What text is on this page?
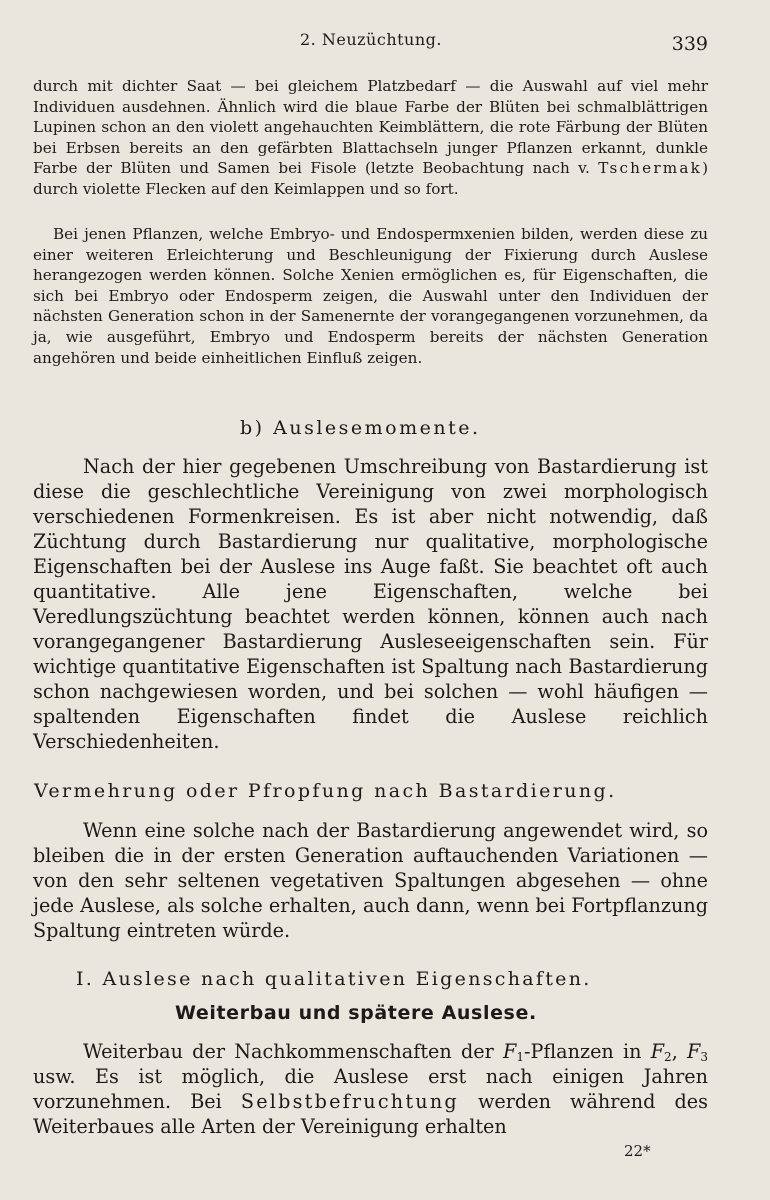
2. Neuzüchtung.	339

durch mit dichter Saat — bei gleichem Platzbedarf — die Auswahl auf viel mehr Individuen ausdehnen. Ähnlich wird die blaue Farbe der Blüten bei schmalblättrigen Lupinen schon an den violett angehauchten Keimblättern, die rote Färbung der Blüten bei Erbsen bereits an den gefärbten Blattachseln junger Pflanzen erkannt, dunkle Farbe der Blüten und Samen bei Fisole (letzte Beobachtung nach v. Tschermak) durch violette Flecken auf den Keimlappen und so fort.

Bei jenen Pflanzen, welche Embryo- und Endospermxenien bilden, werden diese zu einer weiteren Erleichterung und Beschleunigung der Fixierung durch Auslese herangezogen werden können. Solche Xenien ermöglichen es, für Eigenschaften, die sich bei Embryo oder Endosperm zeigen, die Auswahl unter den Individuen der nächsten Generation schon in der Samenernte der vorangegangenen vorzunehmen, da ja, wie ausgeführt, Embryo und Endosperm bereits der nächsten Generation angehören und beide einheitlichen Einfluß zeigen.

b) Auslesemomente.

Nach der hier gegebenen Umschreibung von Bastardierung ist diese die geschlechtliche Vereinigung von zwei morphologisch verschiedenen Formenkreisen. Es ist aber nicht notwendig, daß Züchtung durch Bastardierung nur qualitative, morphologische Eigenschaften bei der Auslese ins Auge faßt. Sie beachtet oft auch quantitative. Alle jene Eigenschaften, welche bei Veredlungszüchtung beachtet werden können, können auch nach vorangegangener Bastardierung Ausleseeigenschaften sein. Für wichtige quantitative Eigenschaften ist Spaltung nach Bastardierung schon nachgewiesen worden, und bei solchen — wohl häufigen — spaltenden Eigenschaften findet die Auslese reichlich Verschiedenheiten.

Vermehrung oder Pfropfung nach Bastardierung.

Wenn eine solche nach der Bastardierung angewendet wird, so bleiben die in der ersten Generation auftauchenden Variationen — von den sehr seltenen vegetativen Spaltungen abgesehen — ohne jede Auslese, als solche erhalten, auch dann, wenn bei Fortpflanzung Spaltung eintreten würde.

I. Auslese nach qualitativen Eigenschaften.
Weiterbau und spätere Auslese.

Weiterbau der Nachkommenschaften der $F_1$-Pflanzen in $F_2$, $F_3$ usw. Es ist möglich, die Auslese erst nach einigen Jahren vorzunehmen. Bei Selbstbefruchtung werden während des Weiterbaues alle Arten der Vereinigung erhalten

22*
